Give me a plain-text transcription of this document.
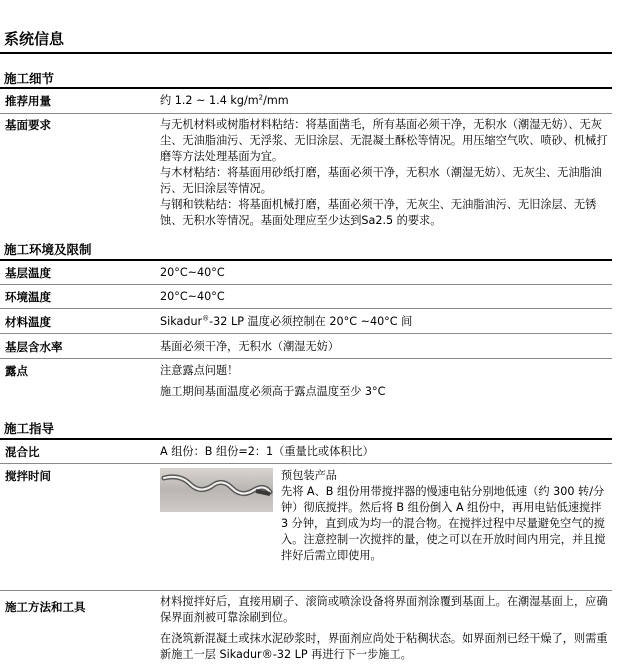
系统信息
施工细节
推荐用量	约 1.2 ~ 1.4 $kg/m^2/mm$
基面要求	与无机材料或树脂材料粘结：将基面凿毛，所有基面必须干净，无积水（潮湿无妨）、无灰尘、无油脂油污、无浮浆、无旧涂层、无混凝土酥松等情况。用压缩空气吹、喷砂、机械打磨等方法处理基面为宜。

与木材粘结：将基面用砂纸打磨，基面必须干净，无积水（潮湿无妨）、无灰尘、无油脂油污、无旧涂层等情况。

与钢和铁粘结：将基面机械打磨，基面必须干净，无灰尘、无油脂油污、无旧涂层、无锈蚀、无积水等情况。基面处理应至少达到Sa2.5 的要求。

施工环境及限制
基层温度	20°C~40°C
环境温度	20°C~40°C
材料温度	Sikadur®-32 LP 温度必须控制在 20°C ~40°C 间
基层含水率	基面必须干净，无积水（潮湿无妨）
露点	注意露点问题！

施工期间基面温度必须高于露点温度至少 3°C

施工指导
混合比	A 组份：B 组份=2：1（重量比或体积比）
搅拌时间	预包装产品
先将 A、B 组份用带搅拌器的慢速电钻分别地低速（约 300 转/分钟）彻底搅拌。然后将 B 组份倒入 A 组份中，再用电钻低速搅拌 3 分钟，直到成为均一的混合物。在搅拌过程中尽量避免空气的搅入。注意控制一次搅拌的量，使之可以在开放时间内用完，并且搅拌好后需立即使用。
施工方法和工具	材料搅拌好后，直接用刷子、滚筒或喷涂设备将界面剂涂覆到基面上。在潮湿基面上，应确保界面剂被可靠涂刷到位。

在浇筑新混凝土或抹水泥砂浆时，界面剂应尚处于粘稠状态。如界面剂已经干燥了，则需重新施工一层 Sikadur®-32 LP 再进行下一步施工。
